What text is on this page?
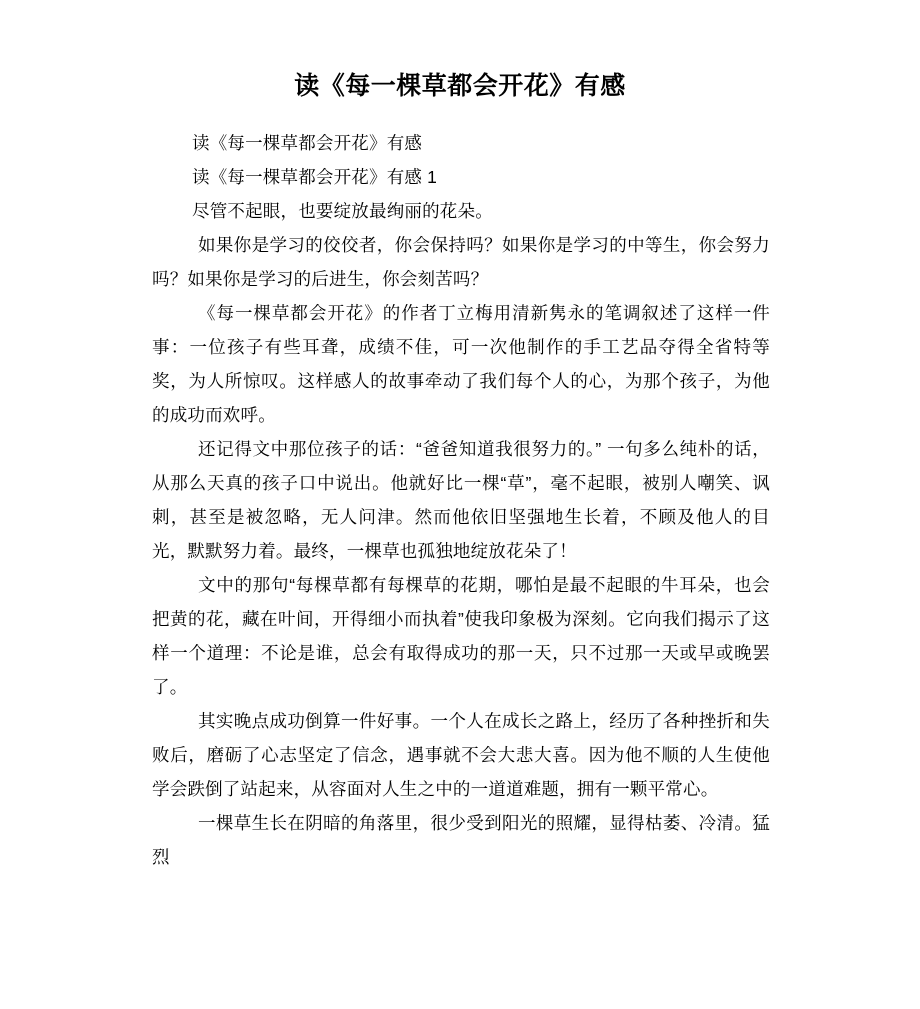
读《每一棵草都会开花》有感

读《每一棵草都会开花》有感

读《每一棵草都会开花》有感 1

尽管不起眼，也要绽放最绚丽的花朵。

如果你是学习的佼佼者，你会保持吗？如果你是学习的中等生，你会努力吗？如果你是学习的后进生，你会刻苦吗？

《每一棵草都会开花》的作者丁立梅用清新隽永的笔调叙述了这样一件事：一位孩子有些耳聋，成绩不佳，可一次他制作的手工艺品夺得全省特等奖，为人所惊叹。这样感人的故事牵动了我们每个人的心，为那个孩子，为他的成功而欢呼。

还记得文中那位孩子的话：“爸爸知道我很努力的。” 一句多么纯朴的话，从那么天真的孩子口中说出。他就好比一棵“草”，毫不起眼，被别人嘲笑、讽刺，甚至是被忽略，无人问津。然而他依旧坚强地生长着，不顾及他人的目光，默默努力着。最终，一棵草也孤独地绽放花朵了！

文中的那句“每棵草都有每棵草的花期，哪怕是最不起眼的牛耳朵，也会把黄的花，藏在叶间，开得细小而执着”使我印象极为深刻。它向我们揭示了这样一个道理：不论是谁，总会有取得成功的那一天，只不过那一天或早或晚罢了。

其实晚点成功倒算一件好事。一个人在成长之路上，经历了各种挫折和失败后，磨砺了心志坚定了信念，遇事就不会大悲大喜。因为他不顺的人生使他学会跌倒了站起来，从容面对人生之中的一道道难题，拥有一颗平常心。

一棵草生长在阴暗的角落里，很少受到阳光的照耀，显得枯萎、冷清。猛烈
